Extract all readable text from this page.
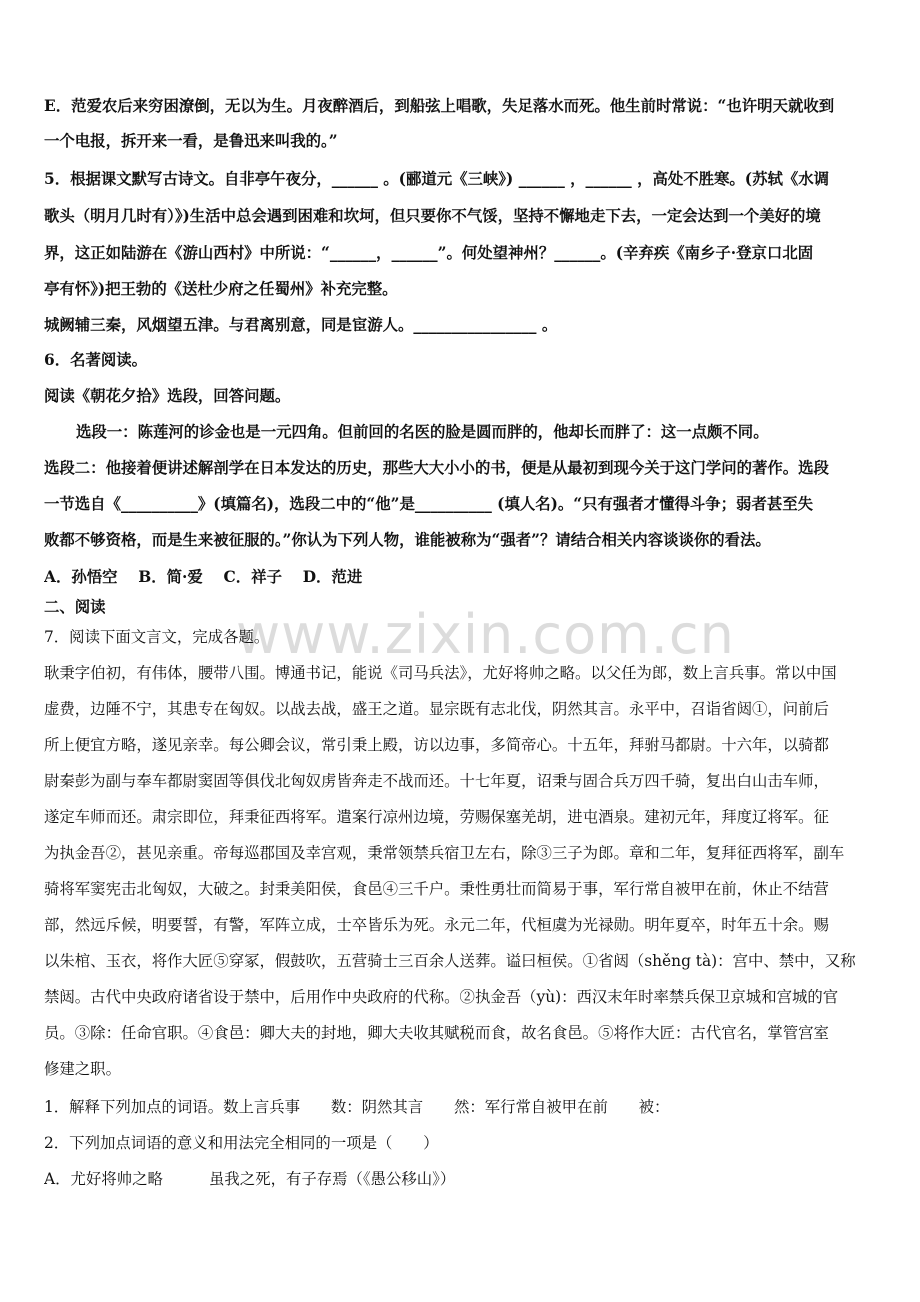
www.zixin.com.cn
E．范爱农后来穷困潦倒，无以为生。月夜醉酒后，到船弦上唱歌，失足落水而死。他生前时常说：“也许明天就收到
一个电报，拆开来一看，是鲁迅来叫我的。”
5．根据课文默写古诗文。自非亭午夜分，______ 。(郦道元《三峡》) ______ ，______ ，高处不胜寒。(苏轼《水调
歌头（明月几时有）》)生活中总会遇到困难和坎坷，但只要你不气馁，坚持不懈地走下去，一定会达到一个美好的境
界，这正如陆游在《游山西村》中所说：“______，______”。何处望神州？______。(辛弃疾《南乡子·登京口北固
亭有怀》)把王勃的《送杜少府之任蜀州》补充完整。
城阙辅三秦，风烟望五津。与君离别意，同是宦游人。________________ 。
6．名著阅读。
阅读《朝花夕拾》选段，回答问题。
选段一：陈莲河的诊金也是一元四角。但前回的名医的脸是圆而胖的，他却长而胖了：这一点颇不同。
选段二：他接着便讲述解剖学在日本发达的历史，那些大大小小的书，便是从最初到现今关于这门学问的著作。选段
一节选自《__________》(填篇名)，选段二中的“他”是__________ (填人名)。“只有强者才懂得斗争；弱者甚至失
败都不够资格，而是生来被征服的。”你认为下列人物，谁能被称为“强者”？请结合相关内容谈谈你的看法。
A．孙悟空　 B．简·爱　 C．祥子　 D．范进
二、阅读
7．阅读下面文言文，完成各题。
耿秉字伯初，有伟体，腰带八围。博通书记，能说《司马兵法》，尤好将帅之略。以父任为郎，数上言兵事。常以中国
虚费，边陲不宁，其患专在匈奴。以战去战，盛王之道。显宗既有志北伐，阴然其言。永平中，召诣省闼①，问前后
所上便宜方略，遂见亲幸。每公卿会议，常引秉上殿，访以边事，多简帝心。十五年，拜驸马都尉。十六年，以骑都
尉秦彭为副与奉车都尉窦固等俱伐北匈奴虏皆奔走不战而还。十七年夏，诏秉与固合兵万四千骑，复出白山击车师，
遂定车师而还。肃宗即位，拜秉征西将军。遣案行凉州边境，劳赐保塞羌胡，进屯酒泉。建初元年，拜度辽将军。征
为执金吾②，甚见亲重。帝每巡郡国及幸宫观，秉常领禁兵宿卫左右，除③三子为郎。章和二年，复拜征西将军，副车
骑将军窦宪击北匈奴，大破之。封秉美阳侯，食邑④三千户。秉性勇壮而简易于事，军行常自被甲在前，休止不结营
部，然远斥候，明要誓，有警，军阵立成，士卒皆乐为死。永元二年，代桓虞为光禄勋。明年夏卒，时年五十余。赐
以朱棺、玉衣，将作大匠⑤穿冢，假鼓吹，五营骑士三百余人送葬。谥曰桓侯。①省闼（shěng tà)：宫中、禁中，又称
禁闼。古代中央政府诸省设于禁中，后用作中央政府的代称。②执金吾（yù)：西汉末年时率禁兵保卫京城和宫城的官
员。③除：任命官职。④食邑：卿大夫的封地，卿大夫收其赋税而食，故名食邑。⑤将作大匠：古代官名，掌管宫室
修建之职。
1．解释下列加点的词语。数上言兵事　　数：阴然其言　　然：军行常自被甲在前　　被：
2．下列加点词语的意义和用法完全相同的一项是（　　）
A．尤好将帅之略　　　虽我之死，有子存焉（《愚公移山》）
